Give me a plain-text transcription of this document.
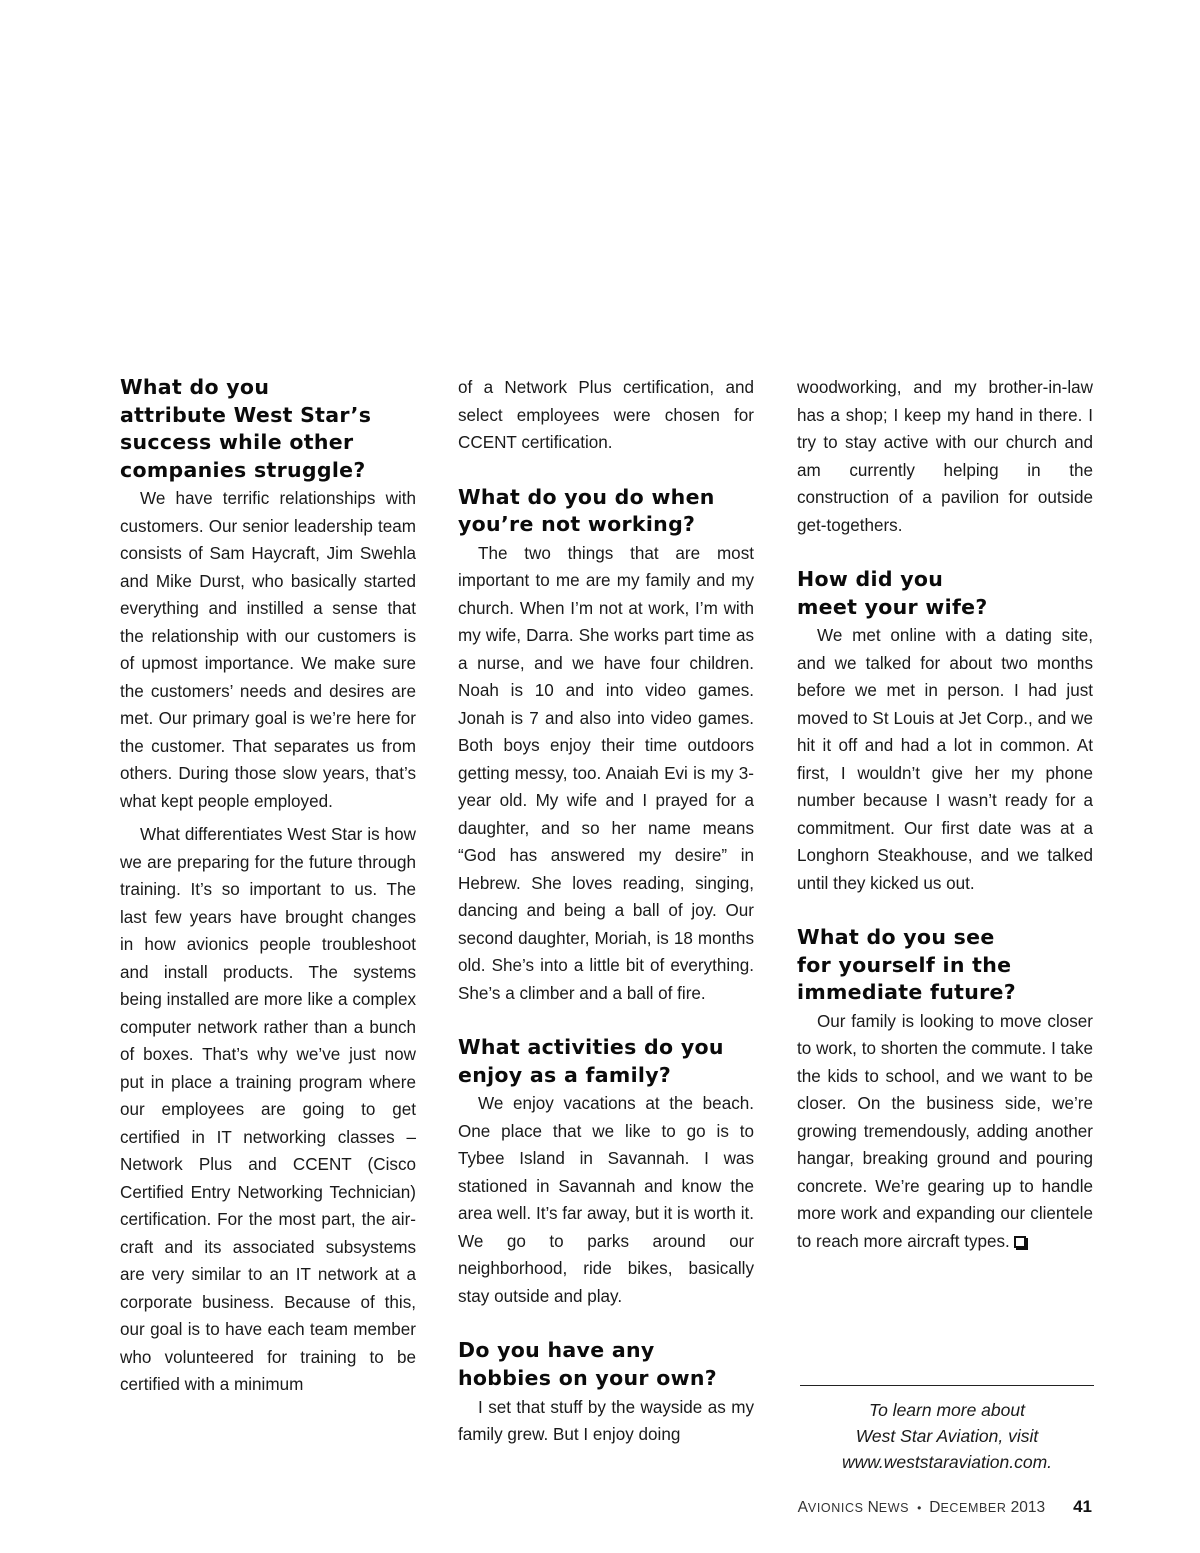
What do you
attribute West Star’s
success while other
companies struggle?

We have terrific relationships with customers. Our senior leadership team consists of Sam Haycraft, Jim Swehla and Mike Durst, who basically started everything and instilled a sense that the relationship with our customers is of upmost importance. We make sure the customers’ needs and desires are met. Our primary goal is we’re here for the customer. That separates us from others. During those slow years, that’s what kept people employed.

What differentiates West Star is how we are preparing for the future through training. It’s so important to us. The last few years have brought changes in how avionics people troubleshoot and install products. The systems being installed are more like a complex computer network rather than a bunch of boxes. That’s why we’ve just now put in place a training program where our employees are going to get certified in IT networking classes – Network Plus and CCENT (Cisco Certified Entry Networking Technician) certification. For the most part, the aircraft and its associated subsystems are very similar to an IT network at a corporate business. Because of this, our goal is to have each team member who volunteered for training to be certified with a minimum

of a Network Plus certification, and select employees were chosen for CCENT certification.

What do you do when
you’re not working?

The two things that are most important to me are my family and my church. When I’m not at work, I’m with my wife, Darra. She works part time as a nurse, and we have four children. Noah is 10 and into video games. Jonah is 7 and also into video games. Both boys enjoy their time outdoors getting messy, too. Anaiah Evi is my 3-year old. My wife and I prayed for a daughter, and so her name means “God has answered my desire” in Hebrew. She loves reading, singing, dancing and being a ball of joy. Our second daughter, Moriah, is 18 months old. She’s into a little bit of everything. She’s a climber and a ball of fire.

What activities do you
enjoy as a family?

We enjoy vacations at the beach. One place that we like to go is to Tybee Island in Savannah. I was stationed in Savannah and know the area well. It’s far away, but it is worth it. We go to parks around our neighborhood, ride bikes, basically stay outside and play.

Do you have any
hobbies on your own?

I set that stuff by the wayside as my family grew. But I enjoy doing

woodworking, and my brother-in-law has a shop; I keep my hand in there. I try to stay active with our church and am currently helping in the construction of a pavilion for outside get-togethers.

How did you
meet your wife?

We met online with a dating site, and we talked for about two months before we met in person. I had just moved to St Louis at Jet Corp., and we hit it off and had a lot in common. At first, I wouldn’t give her my phone number because I wasn’t ready for a commitment. Our first date was at a Longhorn Steakhouse, and we talked until they kicked us out.

What do you see
for yourself in the
immediate future?

Our family is looking to move closer to work, to shorten the commute. I take the kids to school, and we want to be closer. On the business side, we’re growing tremendously, adding another hangar, breaking ground and pouring concrete. We’re gearing up to handle more work and expanding our clientele to reach more aircraft types.

To learn more about
West Star Aviation, visit
www.weststaraviation.com.
AVIONICS NEWS • DECEMBER 2013 41
